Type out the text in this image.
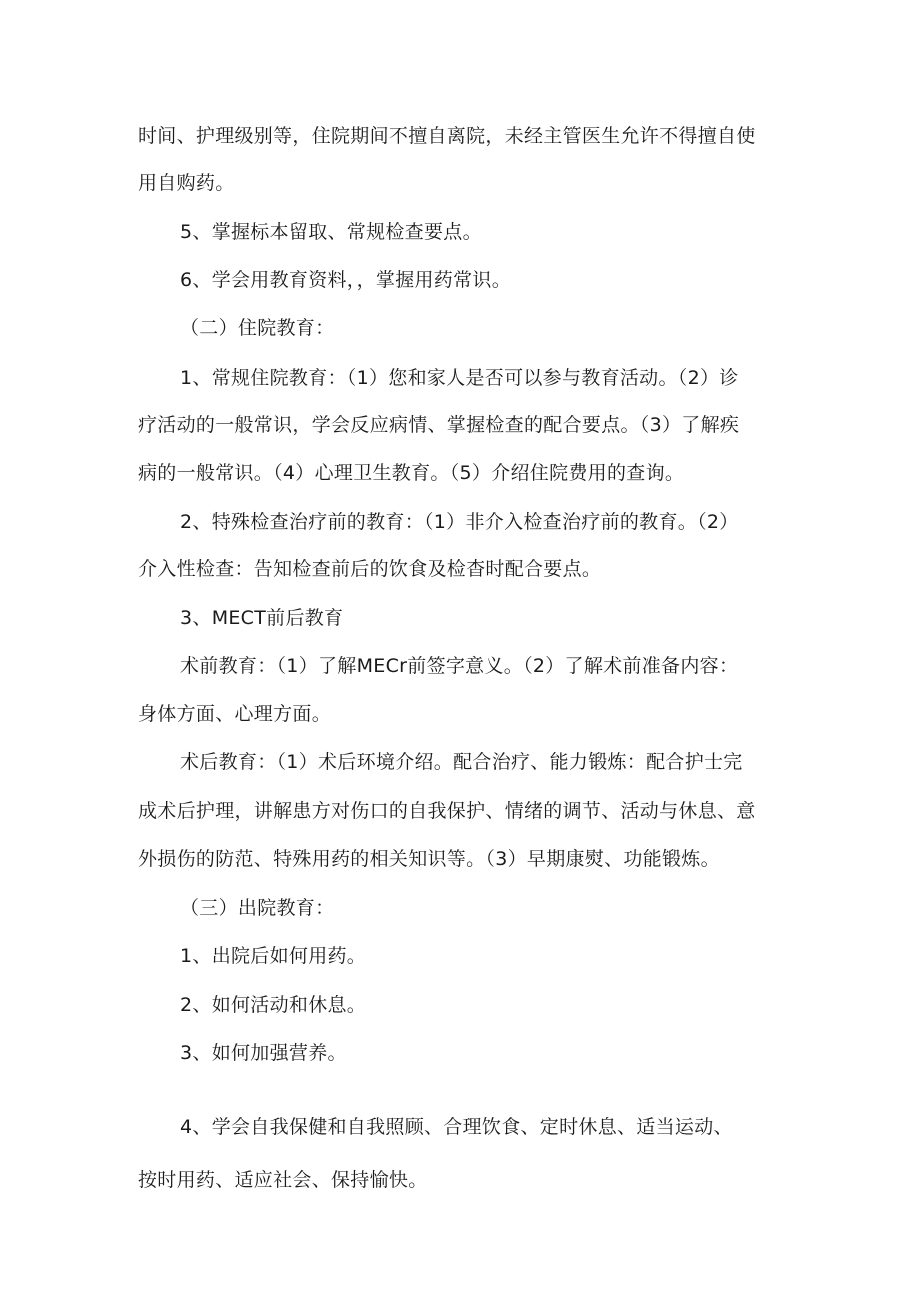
时间、护理级别等，住院期间不擅自离院，未经主管医生允许不得擅自使
用自购药。
5、掌握标本留取、常规检查要点。
6、学会用教育资料，，掌握用药常识。
（二）住院教育：
1、常规住院教育：（1）您和家人是否可以参与教育活动。（2）诊
疗活动的一般常识，学会反应病情、掌握检查的配合要点。（3）了解疾
病的一般常识。（4）心理卫生教育。（5）介绍住院费用的查询。
2、特殊检查治疗前的教育：（1）非介入检查治疗前的教育。（2）
介入性检查：告知检查前后的饮食及检杳时配合要点。
3、MECT前后教育
术前教育：（1）了解MECr前签字意义。（2）了解术前准备内容：
身体方面、心理方面。
术后教育：（1）术后环境介绍。配合治疗、能力锻炼：配合护士完
成术后护理，讲解患方对伤口的自我保护、情绪的调节、活动与休息、意
外损伤的防范、特殊用药的相关知识等。（3）早期康熨、功能锻炼。
（三）出院教育：
1、出院后如何用药。
2、如何活动和休息。
3、如何加强营养。
4、学会自我保健和自我照顾、合理饮食、定时休息、适当运动、
按时用药、适应社会、保持愉快。
